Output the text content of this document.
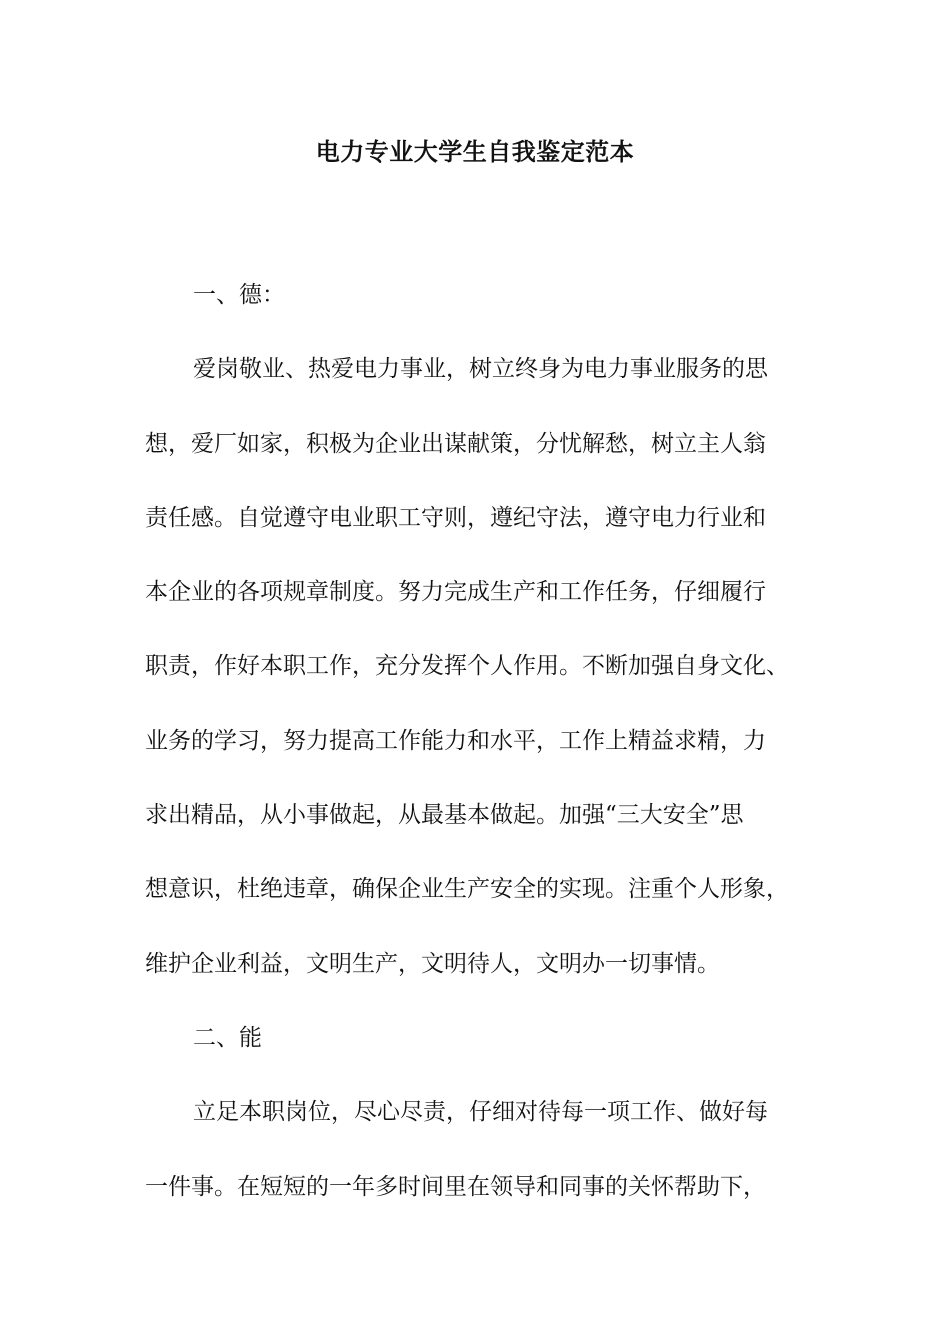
电力专业大学生自我鉴定范本
一、德：
爱岗敬业、热爱电力事业，树立终身为电力事业服务的思
想，爱厂如家，积极为企业出谋献策，分忧解愁，树立主人翁
责任感。自觉遵守电业职工守则，遵纪守法，遵守电力行业和
本企业的各项规章制度。努力完成生产和工作任务，仔细履行
职责，作好本职工作，充分发挥个人作用。不断加强自身文化、
业务的学习，努力提高工作能力和水平，工作上精益求精，力
求出精品，从小事做起，从最基本做起。加强“三大安全”思
想意识，杜绝违章，确保企业生产安全的实现。注重个人形象，
维护企业利益，文明生产，文明待人，文明办一切事情。
二、能
立足本职岗位，尽心尽责，仔细对待每一项工作、做好每
一件事。在短短的一年多时间里在领导和同事的关怀帮助下，
